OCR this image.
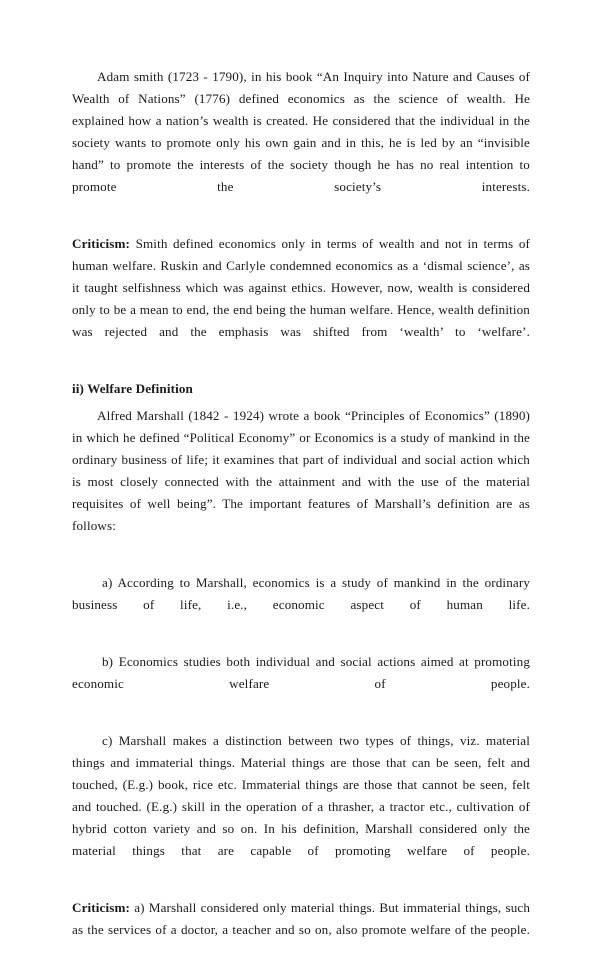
Adam smith (1723 - 1790), in his book “An Inquiry into Nature and Causes of Wealth of Nations” (1776) defined economics as the science of wealth. He explained how a nation’s wealth is created. He considered that the individual in the society wants to promote only his own gain and in this, he is led by an “invisible hand” to promote the interests of the society though he has no real intention to promote the society’s interests.

Criticism: Smith defined economics only in terms of wealth and not in terms of human welfare. Ruskin and Carlyle condemned economics as a ‘dismal science’, as it taught selfishness which was against ethics. However, now, wealth is considered only to be a mean to end, the end being the human welfare. Hence, wealth definition was rejected and the emphasis was shifted from ‘wealth’ to ‘welfare’.

ii) Welfare Definition

Alfred Marshall (1842 - 1924) wrote a book “Principles of Economics” (1890) in which he defined “Political Economy” or Economics is a study of mankind in the ordinary business of life; it examines that part of individual and social action which is most closely connected with the attainment and with the use of the material requisites of well being”. The important features of Marshall’s definition are as follows:

a) According to Marshall, economics is a study of mankind in the ordinary business of life, i.e., economic aspect of human life.

b) Economics studies both individual and social actions aimed at promoting economic welfare of people.

c) Marshall makes a distinction between two types of things, viz. material things and immaterial things. Material things are those that can be seen, felt and touched, (E.g.) book, rice etc. Immaterial things are those that cannot be seen, felt and touched. (E.g.) skill in the operation of a thrasher, a tractor etc., cultivation of hybrid cotton variety and so on. In his definition, Marshall considered only the material things that are capable of promoting welfare of people.

Criticism: a) Marshall considered only material things. But immaterial things, such as the services of a doctor, a teacher and so on, also promote welfare of the people.
